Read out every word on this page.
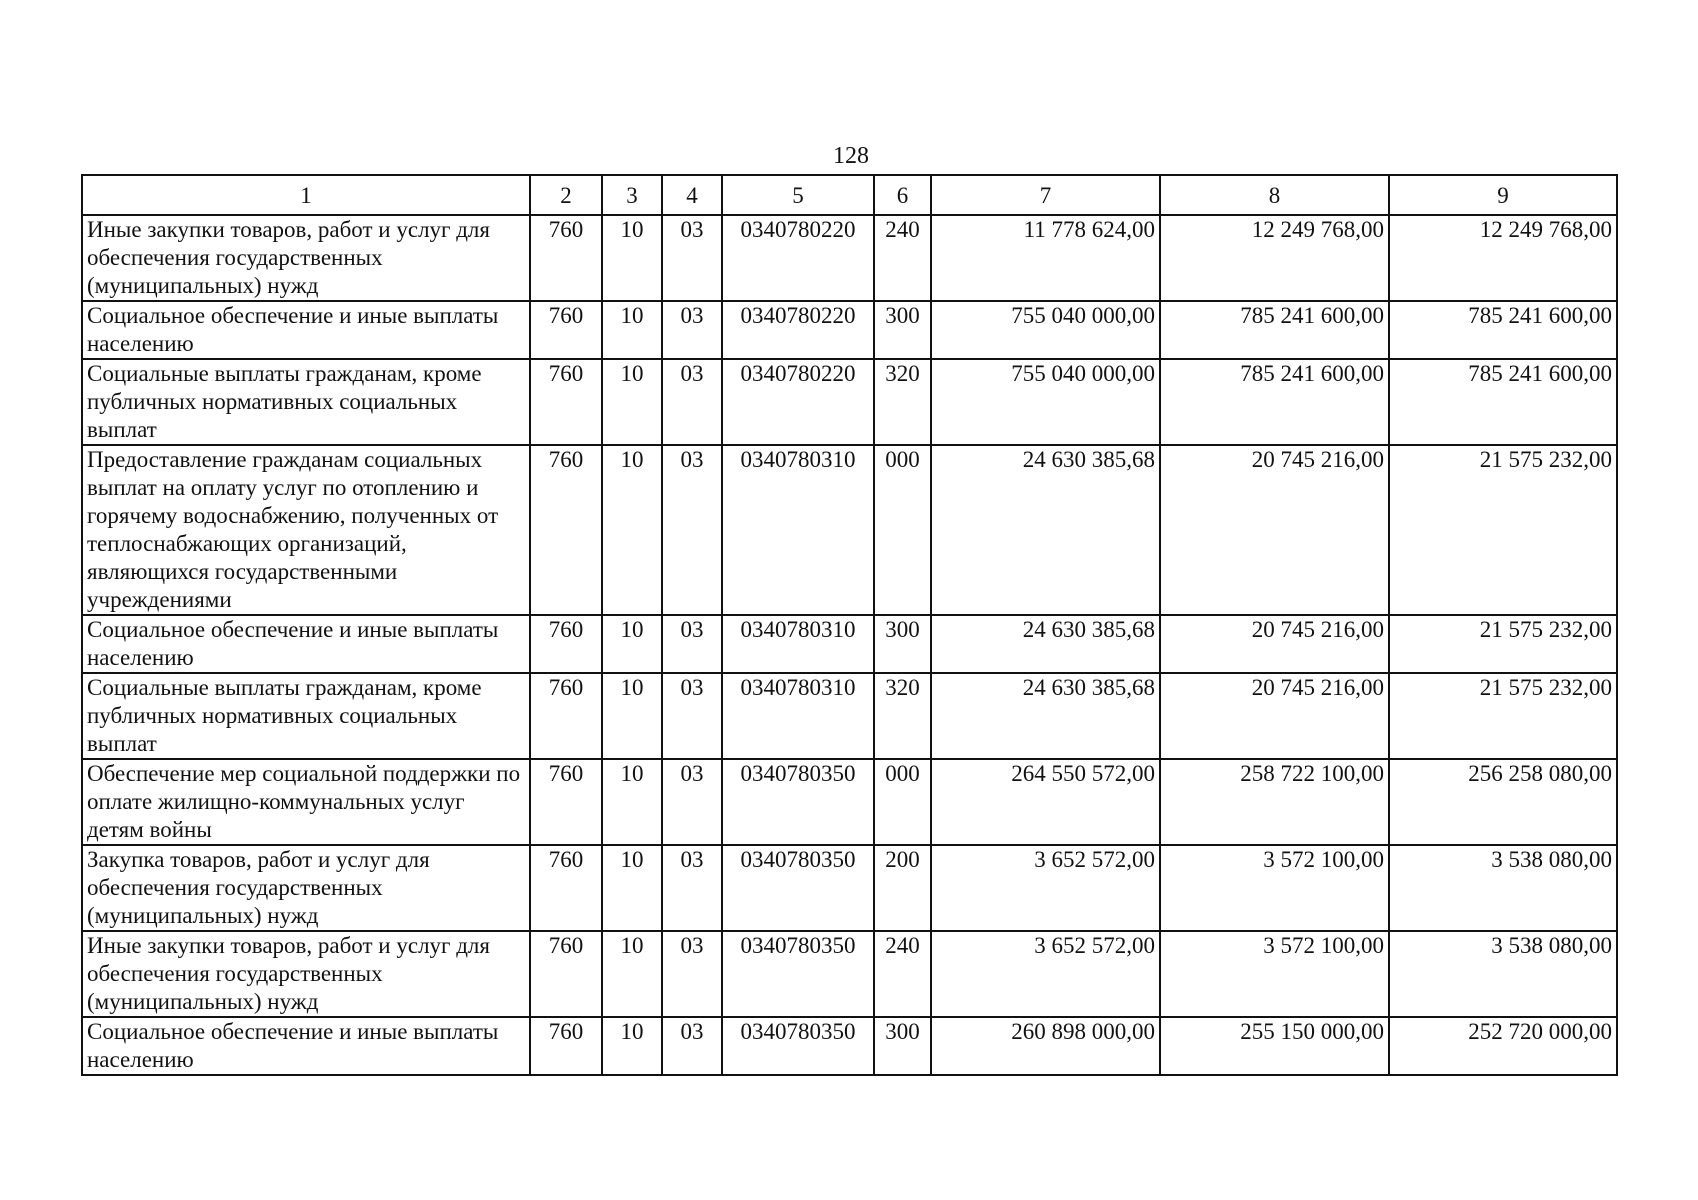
128
1	2	3	4	5	6	7	8	9
Иные закупки товаров, работ и услуг для обеспечения государственных (муниципальных) нужд	760	10	03	0340780220	240	11 778 624,00	12 249 768,00	12 249 768,00
Социальное обеспечение и иные выплаты населению	760	10	03	0340780220	300	755 040 000,00	785 241 600,00	785 241 600,00
Социальные выплаты гражданам, кроме публичных нормативных социальных выплат	760	10	03	0340780220	320	755 040 000,00	785 241 600,00	785 241 600,00
Предоставление гражданам социальных выплат на оплату услуг по отоплению и горячему водоснабжению, полученных от теплоснабжающих организаций, являющихся государственными учреждениями	760	10	03	0340780310	000	24 630 385,68	20 745 216,00	21 575 232,00
Социальное обеспечение и иные выплаты населению	760	10	03	0340780310	300	24 630 385,68	20 745 216,00	21 575 232,00
Социальные выплаты гражданам, кроме публичных нормативных социальных выплат	760	10	03	0340780310	320	24 630 385,68	20 745 216,00	21 575 232,00
Обеспечение мер социальной поддержки по оплате жилищно-коммунальных услуг детям войны	760	10	03	0340780350	000	264 550 572,00	258 722 100,00	256 258 080,00
Закупка товаров, работ и услуг для обеспечения государственных (муниципальных) нужд	760	10	03	0340780350	200	3 652 572,00	3 572 100,00	3 538 080,00
Иные закупки товаров, работ и услуг для обеспечения государственных (муниципальных) нужд	760	10	03	0340780350	240	3 652 572,00	3 572 100,00	3 538 080,00
Социальное обеспечение и иные выплаты населению	760	10	03	0340780350	300	260 898 000,00	255 150 000,00	252 720 000,00
